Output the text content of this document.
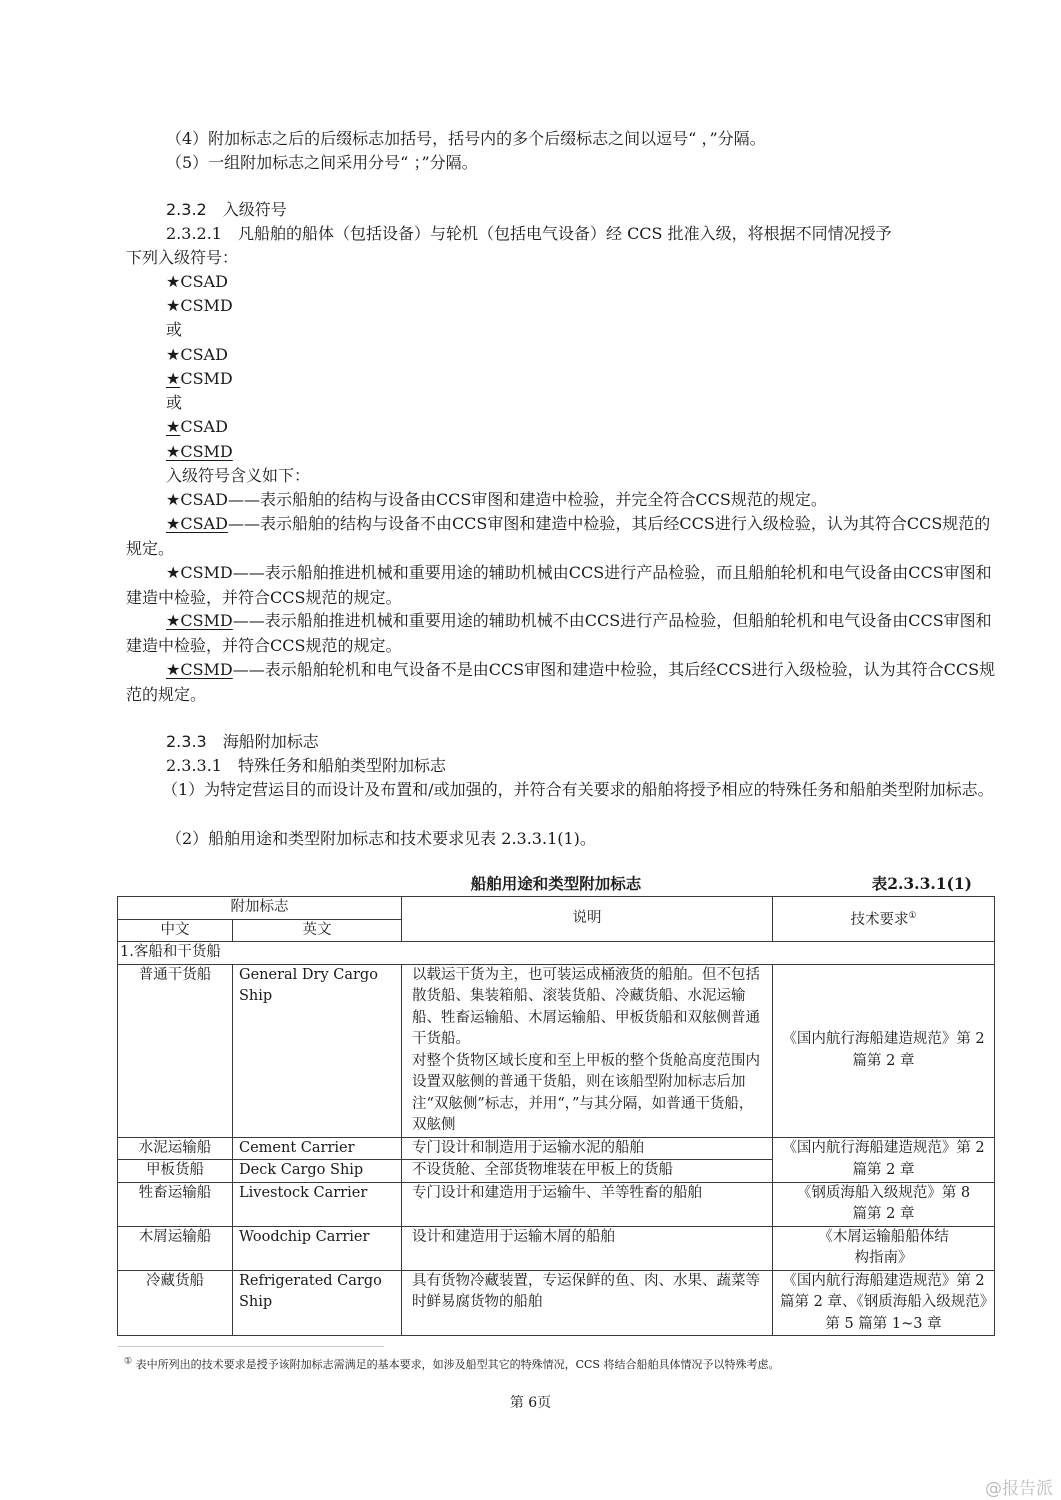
（4）附加标志之后的后缀标志加括号，括号内的多个后缀标志之间以逗号“ ，”分隔。
（5）一组附加标志之间采用分号“ ；”分隔。
2.3.2　 入级符号
2.3.2.1　凡船舶的船体（包括设备）与轮机（包括电气设备）经 CCS 批准入级，将根据不同情况授予
下列入级符号：
★CSAD
★CSMD
或
★CSAD
★CSMD
或
★CSAD
★CSMD
入级符号含义如下：
★CSAD——表示船舶的结构与设备由CCS审图和建造中检验，并完全符合CCS规范的规定。
★CSAD——表示船舶的结构与设备不由CCS审图和建造中检验，其后经CCS进行入级检验，认为其符合CCS规范的规定。
★CSMD——表示船舶推进机械和重要用途的辅助机械由CCS进行产品检验，而且船舶轮机和电气设备由CCS审图和建造中检验，并符合CCS规范的规定。
★CSMD——表示船舶推进机械和重要用途的辅助机械不由CCS进行产品检验，但船舶轮机和电气设备由CCS审图和建造中检验，并符合CCS规范的规定。
★CSMD——表示船舶轮机和电气设备不是由CCS审图和建造中检验，其后经CCS进行入级检验，认为其符合CCS规范的规定。
2.3.3　 海船附加标志
2.3.3.1　特殊任务和船舶类型附加标志
（1）为特定营运目的而设计及布置和/或加强的，并符合有关要求的船舶将授予相应的特殊任务和船舶类型附加标志。
（2）船舶用途和类型附加标志和技术要求见表 2.3.3.1(1)。
船舶用途和类型附加标志	表2.3.3.1(1)
附加标志		说明	技术要求①
中文	英文		
1.客船和干货船			
普通干货船	General Dry Cargo Ship	以载运干货为主，也可装运成桶液货的船舶。但不包括散货船、集装箱船、滚装货船、冷藏货船、水泥运输船、牲畜运输船、木屑运输船、甲板货船和双舷侧普通干货船。
对整个货物区域长度和至上甲板的整个货舱高度范围内设置双舷侧的普通干货船，则在该船型附加标志后加注“双舷侧”标志，并用“，”与其分隔，如普通干货船，双舷侧	《国内航行海船建造规范》第 2 篇第 2 章
水泥运输船	Cement Carrier	专门设计和制造用于运输水泥的船舶	《国内航行海船建造规范》第 2 篇第 2 章
甲板货船	Deck Cargo Ship	不设货舱、全部货物堆装在甲板上的货船	
牲畜运输船	Livestock Carrier	专门设计和建造用于运输牛、羊等牲畜的船舶	《钢质海船入级规范》第 8 篇第 2 章
木屑运输船	Woodchip Carrier	设计和建造用于运输木屑的船舶	《木屑运输船船体结构指南》
冷藏货船	Refrigerated Cargo Ship	具有货物冷藏装置，专运保鲜的鱼、肉、水果、蔬菜等时鲜易腐货物的船舶	《国内航行海船建造规范》第 2 篇第 2 章、《钢质海船入级规范》第 5 篇第 1~3 章
① 表中所列出的技术要求是授予该附加标志需满足的基本要求，如涉及船型其它的特殊情况，CCS 将结合船舶具体情况予以特殊考虑。
第 6页
@报告派
